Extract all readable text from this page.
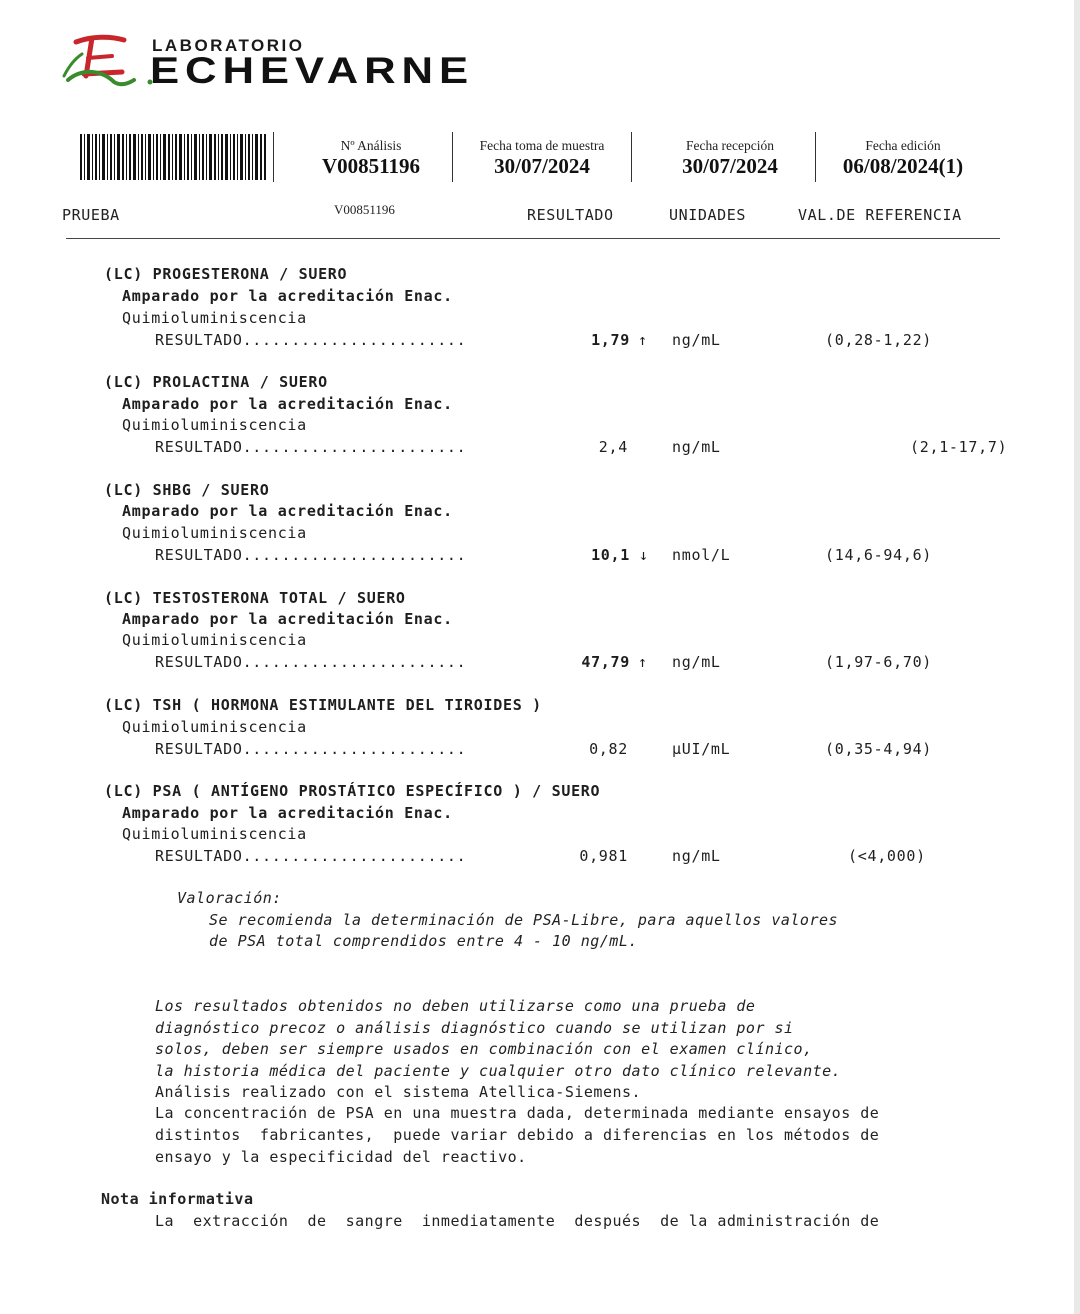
LABORATORIO
ECHEVARNE
Nº Análisis
V00851196
Fecha toma de muestra
30/07/2024
Fecha recepción
30/07/2024
Fecha edición
06/08/2024(1)
PRUEBA	V00851196	RESULTADO	UNIDADES	VAL.DE REFERENCIA
(LC) PROGESTERONA / SUERO
Amparado por la acreditación Enac.
Quimioluminiscencia
RESULTADO.......................	1,79 ↑ ng/mL	(0,28-1,22)
(LC) PROLACTINA / SUERO
Amparado por la acreditación Enac.
Quimioluminiscencia
RESULTADO.......................	2,4	ng/mL	(2,1-17,7)
(LC) SHBG / SUERO
Amparado por la acreditación Enac.
Quimioluminiscencia
RESULTADO.......................	10,1 ↓ nmol/L	(14,6-94,6)
(LC) TESTOSTERONA TOTAL / SUERO
Amparado por la acreditación Enac.
Quimioluminiscencia
RESULTADO.......................	47,79 ↑ ng/mL	(1,97-6,70)
(LC) TSH ( HORMONA ESTIMULANTE DEL TIROIDES )
Quimioluminiscencia
RESULTADO.......................	0,82	µUI/mL	(0,35-4,94)
(LC) PSA ( ANTÍGENO PROSTÁTICO ESPECÍFICO ) / SUERO
Amparado por la acreditación Enac.
Quimioluminiscencia
RESULTADO.......................	0,981	ng/mL	(<4,000)
Valoración:
Se recomienda la determinación de PSA-Libre, para aquellos valores
de PSA total comprendidos entre 4 - 10 ng/mL.
Los resultados obtenidos no deben utilizarse como una prueba de
diagnóstico precoz o análisis diagnóstico cuando se utilizan por si
solos, deben ser siempre usados en combinación con el examen clínico,
la historia médica del paciente y cualquier otro dato clínico relevante.
Análisis realizado con el sistema Atellica-Siemens.
La concentración de PSA en una muestra dada, determinada mediante ensayos de
distintos  fabricantes,  puede variar debido a diferencias en los métodos de
ensayo y la especificidad del reactivo.
Nota informativa
La  extracción  de  sangre  inmediatamente  después  de la administración de
